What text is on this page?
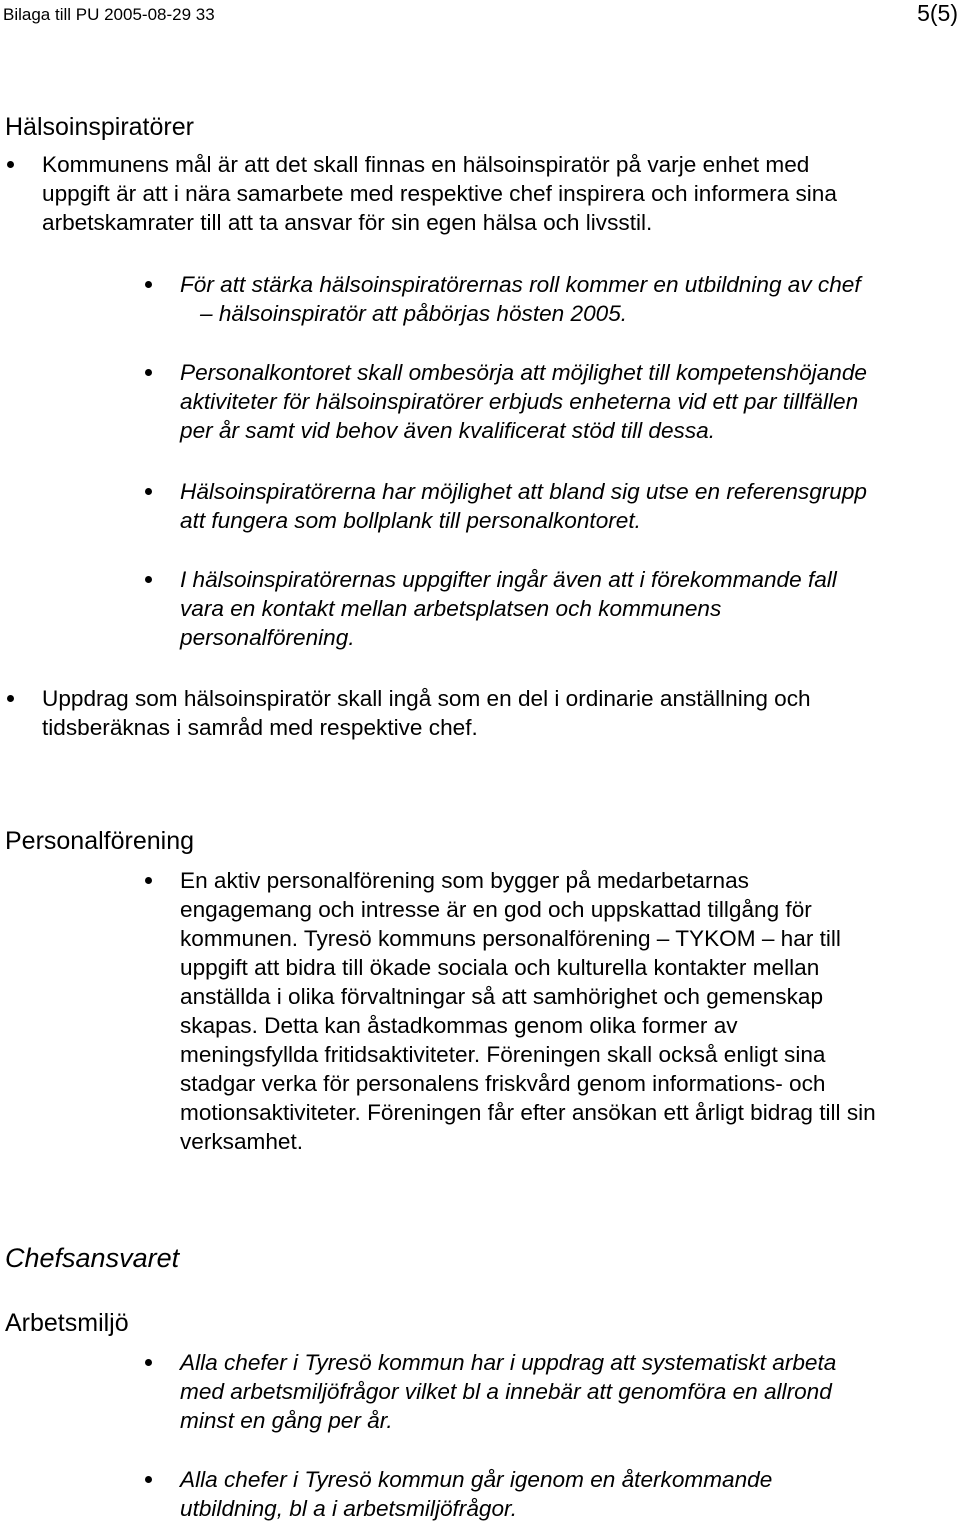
Bilaga till PU 2005-08-29 33	5(5)
Hälsoinspiratörer

Kommunens mål är att det skall finnas en hälsoinspiratör på varje enhet med
uppgift är att i nära samarbete med respektive chef inspirera och informera sina
arbetskamrater till att ta ansvar för sin egen hälsa och livsstil.

För att stärka hälsoinspiratörernas roll kommer en utbildning av chef
– hälsoinspiratör att påbörjas hösten 2005.

Personalkontoret skall ombesörja att möjlighet till kompetenshöjande
aktiviteter för hälsoinspiratörer erbjuds enheterna vid ett par tillfällen
per år samt vid behov även kvalificerat stöd till dessa.

Hälsoinspiratörerna har möjlighet att bland sig utse en referensgrupp
att fungera som bollplank till personalkontoret.

I hälsoinspiratörernas uppgifter ingår även att i förekommande fall
vara en kontakt mellan arbetsplatsen och kommunens
personalförening.

Uppdrag som hälsoinspiratör skall ingå som en del i ordinarie anställning och
tidsberäknas i samråd med respektive chef.

Personalförening

En aktiv personalförening som bygger på medarbetarnas
engagemang och intresse är en god och uppskattad tillgång för
kommunen. Tyresö kommuns personalförening – TYKOM – har till
uppgift att bidra till ökade sociala och kulturella kontakter mellan
anställda i olika förvaltningar så att samhörighet och gemenskap
skapas. Detta kan åstadkommas genom olika former av
meningsfyllda fritidsaktiviteter. Föreningen skall också enligt sina
stadgar verka för personalens friskvård genom informations- och
motionsaktiviteter. Föreningen får efter ansökan ett årligt bidrag till sin
verksamhet.

Chefsansvaret
Arbetsmiljö

Alla chefer i Tyresö kommun har i uppdrag att systematiskt arbeta
med arbetsmiljöfrågor vilket bl a innebär att genomföra en allrond
minst en gång per år.

Alla chefer i Tyresö kommun går igenom en återkommande
utbildning, bl a i arbetsmiljöfrågor.
